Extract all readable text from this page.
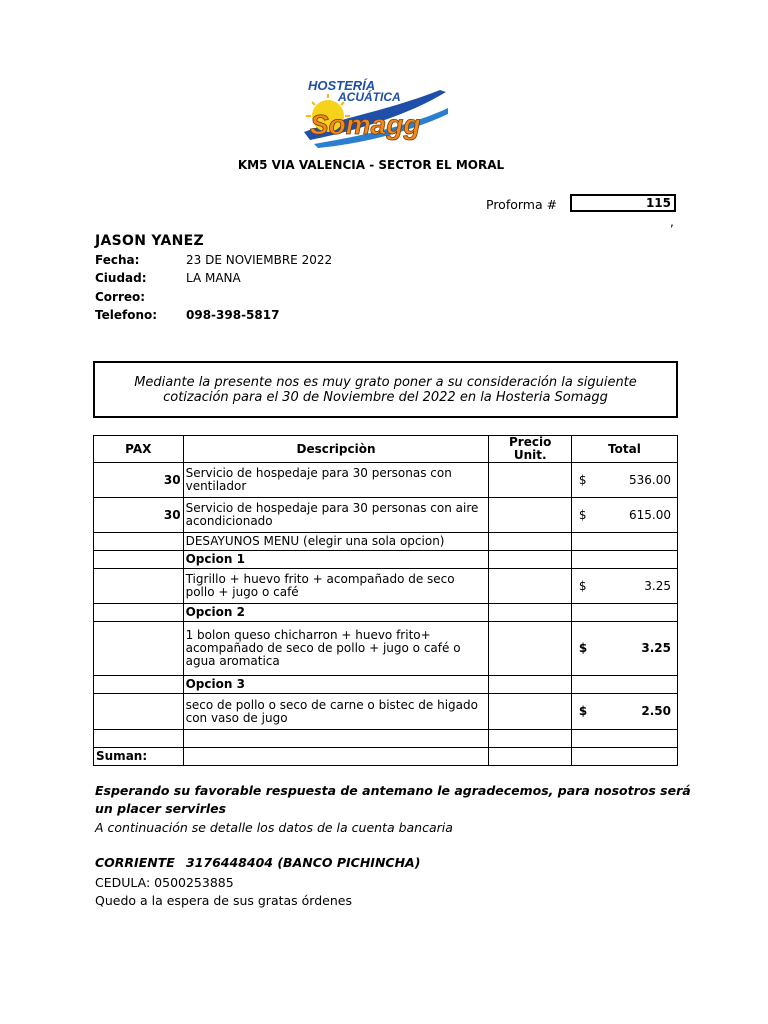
HOSTERÍA
ACUÁTICA
Somagg
KM5 VIA VALENCIA - SECTOR EL MORAL
Proforma #	115
,
JASON YANEZ
Fecha:	23 DE NOVIEMBRE 2022
Ciudad:	LA MANA
Correo:
Telefono: 098-398-5817
Mediante la presente nos es muy grato poner a su consideración la siguiente cotización para el 30 de Noviembre del 2022 en la Hosteria Somagg
PAX	Descripciòn	Precio Unit.	Total
30	Servicio de hospedaje para 30 personas con ventilador		$ 536.00

30	Servicio de hospedaje para 30 personas con aire acondicionado		$ 615.00

	DESAYUNOS MENU (elegir una sola opcion)		
	Opcion 1		
	Tigrillo + huevo frito + acompañado de seco pollo + jugo o café		$ 3.25

	Opcion 2		
	1 bolon queso chicharron + huevo frito+ acompañado de seco de pollo + jugo o café o agua aromatica		$ 3.25

	Opcion 3		
	seco de pollo o seco de carne o bistec de higado con vaso de jugo		$ 2.50

Suman:			
Esperando su favorable respuesta de antemano le agradecemos, para nosotros será
un placer servirles
A continuación se detalle los datos de la cuenta bancaria
CORRIENTE 3176448404 (BANCO PICHINCHA)
CEDULA: 0500253885
Quedo a la espera de sus gratas órdenes
